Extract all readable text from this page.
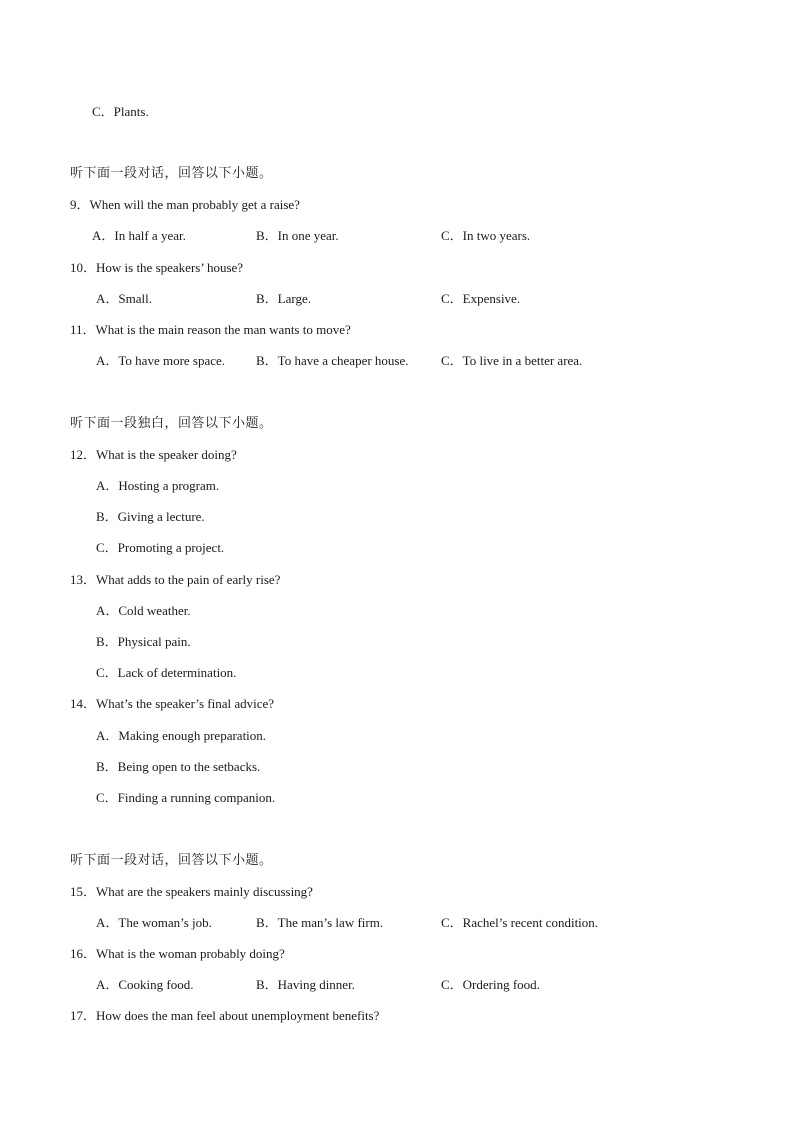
C．Plants.
听下面一段对话，回答以下小题。
9．When will the man probably get a raise?
A．In half a year.	B．In one year.	C．In two years.
10．How is the speakers’ house?
A．Small.	B．Large.	C．Expensive.
11．What is the main reason the man wants to move?
A．To have more space. B．To have a cheaper house. C．To live in a better area.
听下面一段独白，回答以下小题。
12．What is the speaker doing?
A．Hosting a program.
B．Giving a lecture.
C．Promoting a project.
13．What adds to the pain of early rise?
A．Cold weather.
B．Physical pain.
C．Lack of determination.
14．What’s the speaker’s final advice?
A．Making enough preparation.
B．Being open to the setbacks.
C．Finding a running companion.
听下面一段对话，回答以下小题。
15．What are the speakers mainly discussing?
A．The woman’s job.	B．The man’s law firm.	C．Rachel’s recent condition.
16．What is the woman probably doing?
A．Cooking food.	B．Having dinner.	C．Ordering food.
17．How does the man feel about unemployment benefits?
